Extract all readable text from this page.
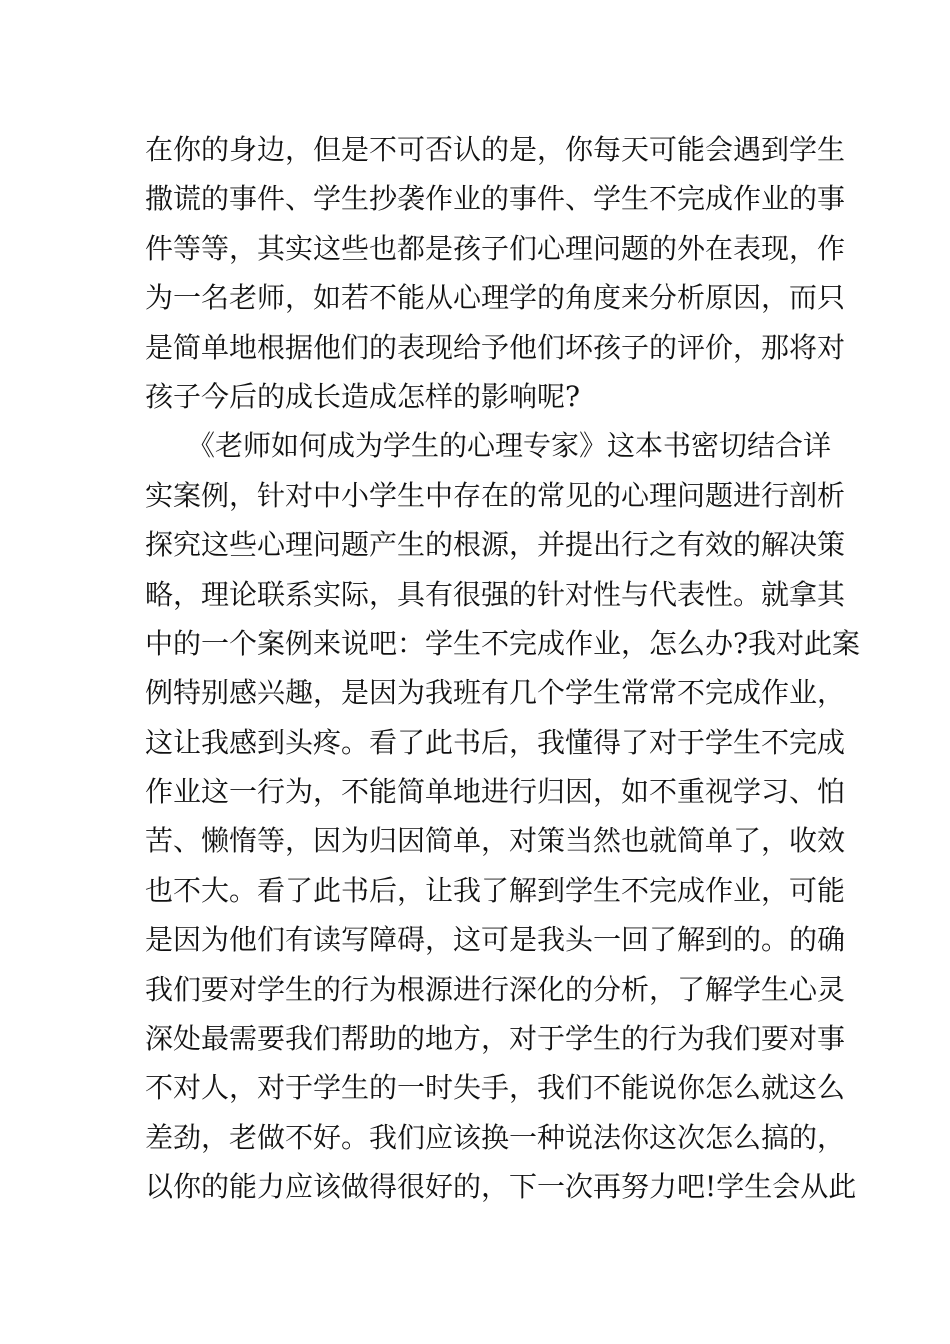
在你的身边，但是不可否认的是，你每天可能会遇到学生
撒谎的事件、学生抄袭作业的事件、学生不完成作业的事
件等等，其实这些也都是孩子们心理问题的外在表现，作
为一名老师，如若不能从心理学的角度来分析原因，而只
是简单地根据他们的表现给予他们坏孩子的评价，那将对
孩子今后的成长造成怎样的影响呢?
　　《老师如何成为学生的心理专家》这本书密切结合详
实案例，针对中小学生中存在的常见的心理问题进行剖析
探究这些心理问题产生的根源，并提出行之有效的解决策
略，理论联系实际，具有很强的针对性与代表性。就拿其
中的一个案例来说吧：学生不完成作业，怎么办?我对此案
例特别感兴趣，是因为我班有几个学生常常不完成作业，
这让我感到头疼。看了此书后，我懂得了对于学生不完成
作业这一行为，不能简单地进行归因，如不重视学习、怕
苦、懒惰等，因为归因简单，对策当然也就简单了，收效
也不大。看了此书后，让我了解到学生不完成作业，可能
是因为他们有读写障碍，这可是我头一回了解到的。的确
我们要对学生的行为根源进行深化的分析，了解学生心灵
深处最需要我们帮助的地方，对于学生的行为我们要对事
不对人，对于学生的一时失手，我们不能说你怎么就这么
差劲，老做不好。我们应该换一种说法你这次怎么搞的，
以你的能力应该做得很好的，下一次再努力吧!学生会从此
